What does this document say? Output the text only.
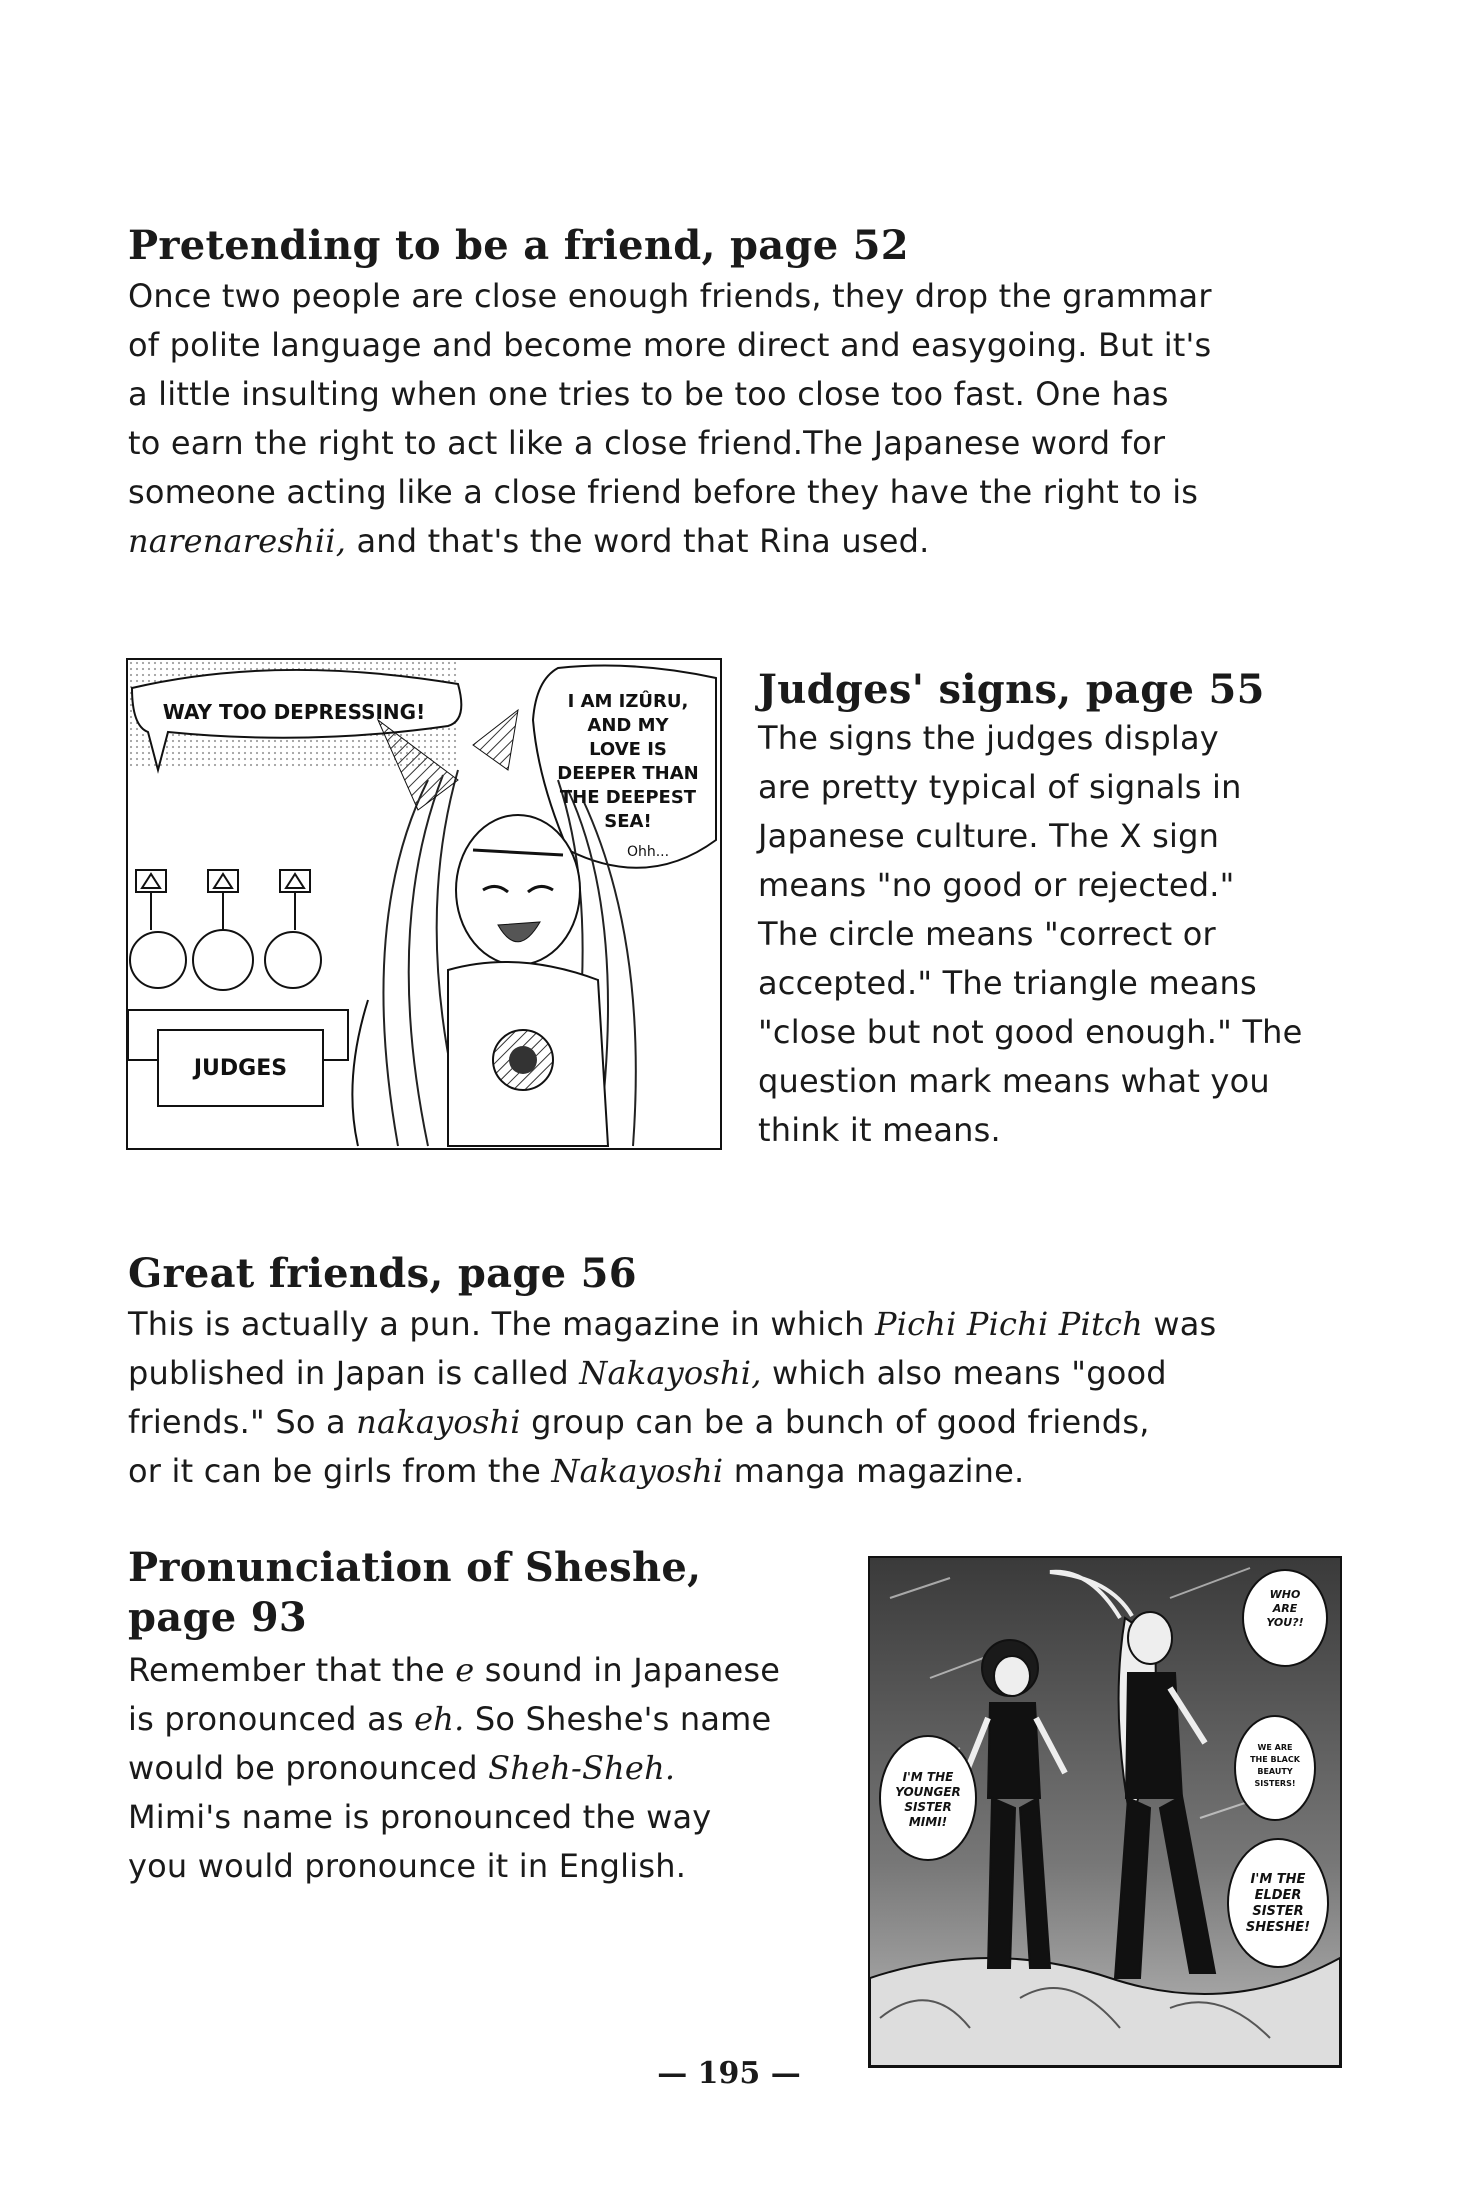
Pretending to be a friend, page 52
Once two people are close enough friends, they drop the grammar
of polite language and become more direct and easygoing. But it's
a little insulting when one tries to be too close too fast. One has
to earn the right to act like a close friend.The Japanese word for
someone acting like a close friend before they have the right to is
narenareshii, and that's the word that Rina used.
WAY TOO DEPRESSING!	I AM IZÛRU,
AND MY
LOVE IS
DEEPER THAN
THE DEEPEST
SEA!
Ohh...
JUDGES
Judges' signs, page 55
The signs the judges display
are pretty typical of signals in
Japanese culture. The X sign
means "no good or rejected."
The circle means "correct or
accepted." The triangle means
"close but not good enough." The
question mark means what you
think it means.
Great friends, page 56
This is actually a pun. The magazine in which Pichi Pichi Pitch was
published in Japan is called Nakayoshi, which also means "good
friends." So a nakayoshi group can be a bunch of good friends,
or it can be girls from the Nakayoshi manga magazine.
Pronunciation of Sheshe,
page 93
Remember that the e sound in Japanese
is pronounced as eh. So Sheshe's name
would be pronounced Sheh-Sheh.
Mimi's name is pronounced the way
you would pronounce it in English.
WHO
ARE
YOU?!
WE ARE
THE BLACK
BEAUTY
SISTERS!
I'M THE
YOUNGER
SISTER
MIMI!
I'M THE
ELDER
SISTER
SHESHE!
— 195 —
